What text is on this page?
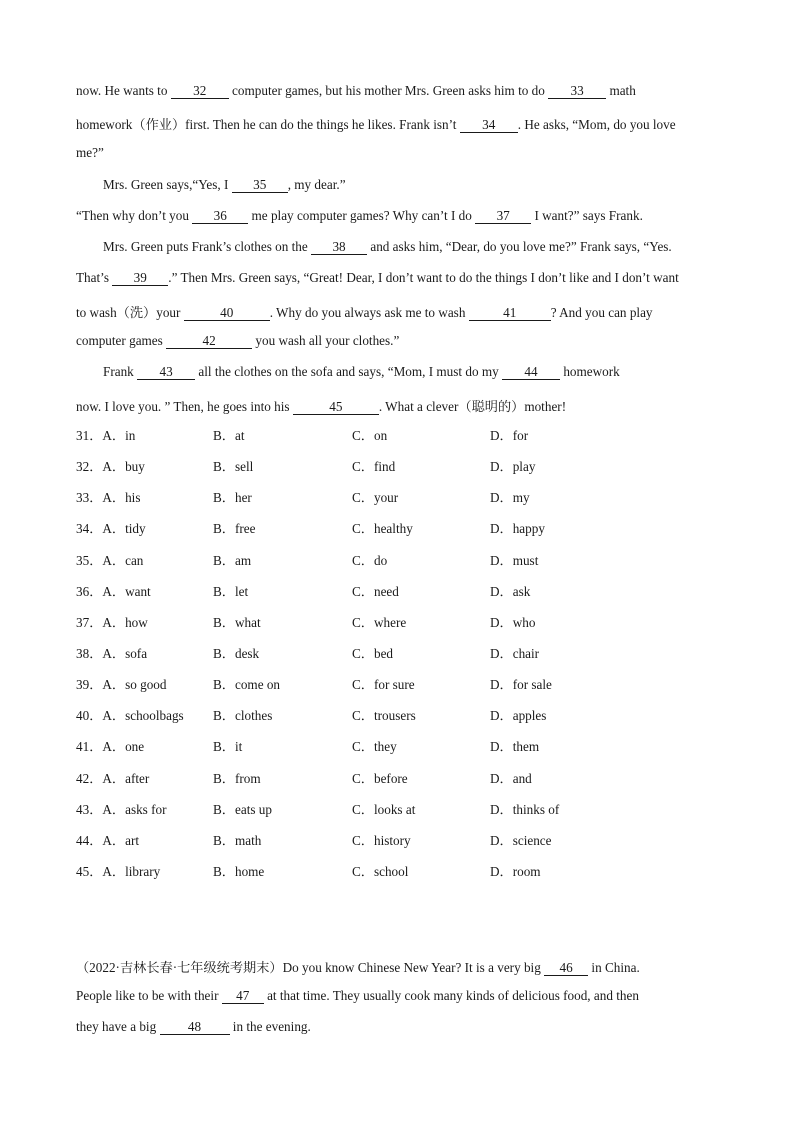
now. He wants to 32 computer games, but his mother Mrs. Green asks him to do 33 math
homework（作业）first. Then he can do the things he likes. Frank isn’t 34 . He asks, “Mom, do you love
me?”
Mrs. Green says,“Yes, I 35 , my dear.”
“Then why don’t you 36 me play computer games? Why can’t I do 37 I want?” says Frank.
Mrs. Green puts Frank’s clothes on the 38 and asks him, “Dear, do you love me?” Frank says, “Yes.
That’s 39 .” Then Mrs. Green says, “Great! Dear, I don’t want to do the things I don’t like and I don’t want
to wash（洗）your	40	. Why do you always ask me to wash	41	? And you can play
computer games	42	you wash all your clothes.”
Frank 43 all the clothes on the sofa and says, “Mom, I must do my 44 homework
now. I love you. ” Then, he goes into his	45	. What a clever（聪明的）mother!
31．A．in	B．at	C．on	D．for
32．A．buy	B．sell	C．find	D．play
33．A．his	B．her	C．your	D．my
34．A．tidy	B．free	C．healthy	D．happy
35．A．can	B．am	C．do	D．must
36．A．want	B．let	C．need	D．ask
37．A．how	B．what	C．where	D．who
38．A．sofa	B．desk	C．bed	D．chair
39．A．so good	B．come on	C．for sure	D．for sale
40．A．schoolbags B．clothes	C．trousers	D．apples
41．A．one	B．it	C．they	D．them
42．A．after	B．from	C．before	D．and
43．A．asks for	B．eats up	C．looks at	D．thinks of
44．A．art	B．math	C．history	D．science
45．A．library	B．home	C．school	D．room
（2022·吉林长春·七年级统考期末）Do you know Chinese New Year? It is a very big 46 in China.
People like to be with their 47 at that time. They usually cook many kinds of delicious food, and then
they have a big 48 in the evening.
